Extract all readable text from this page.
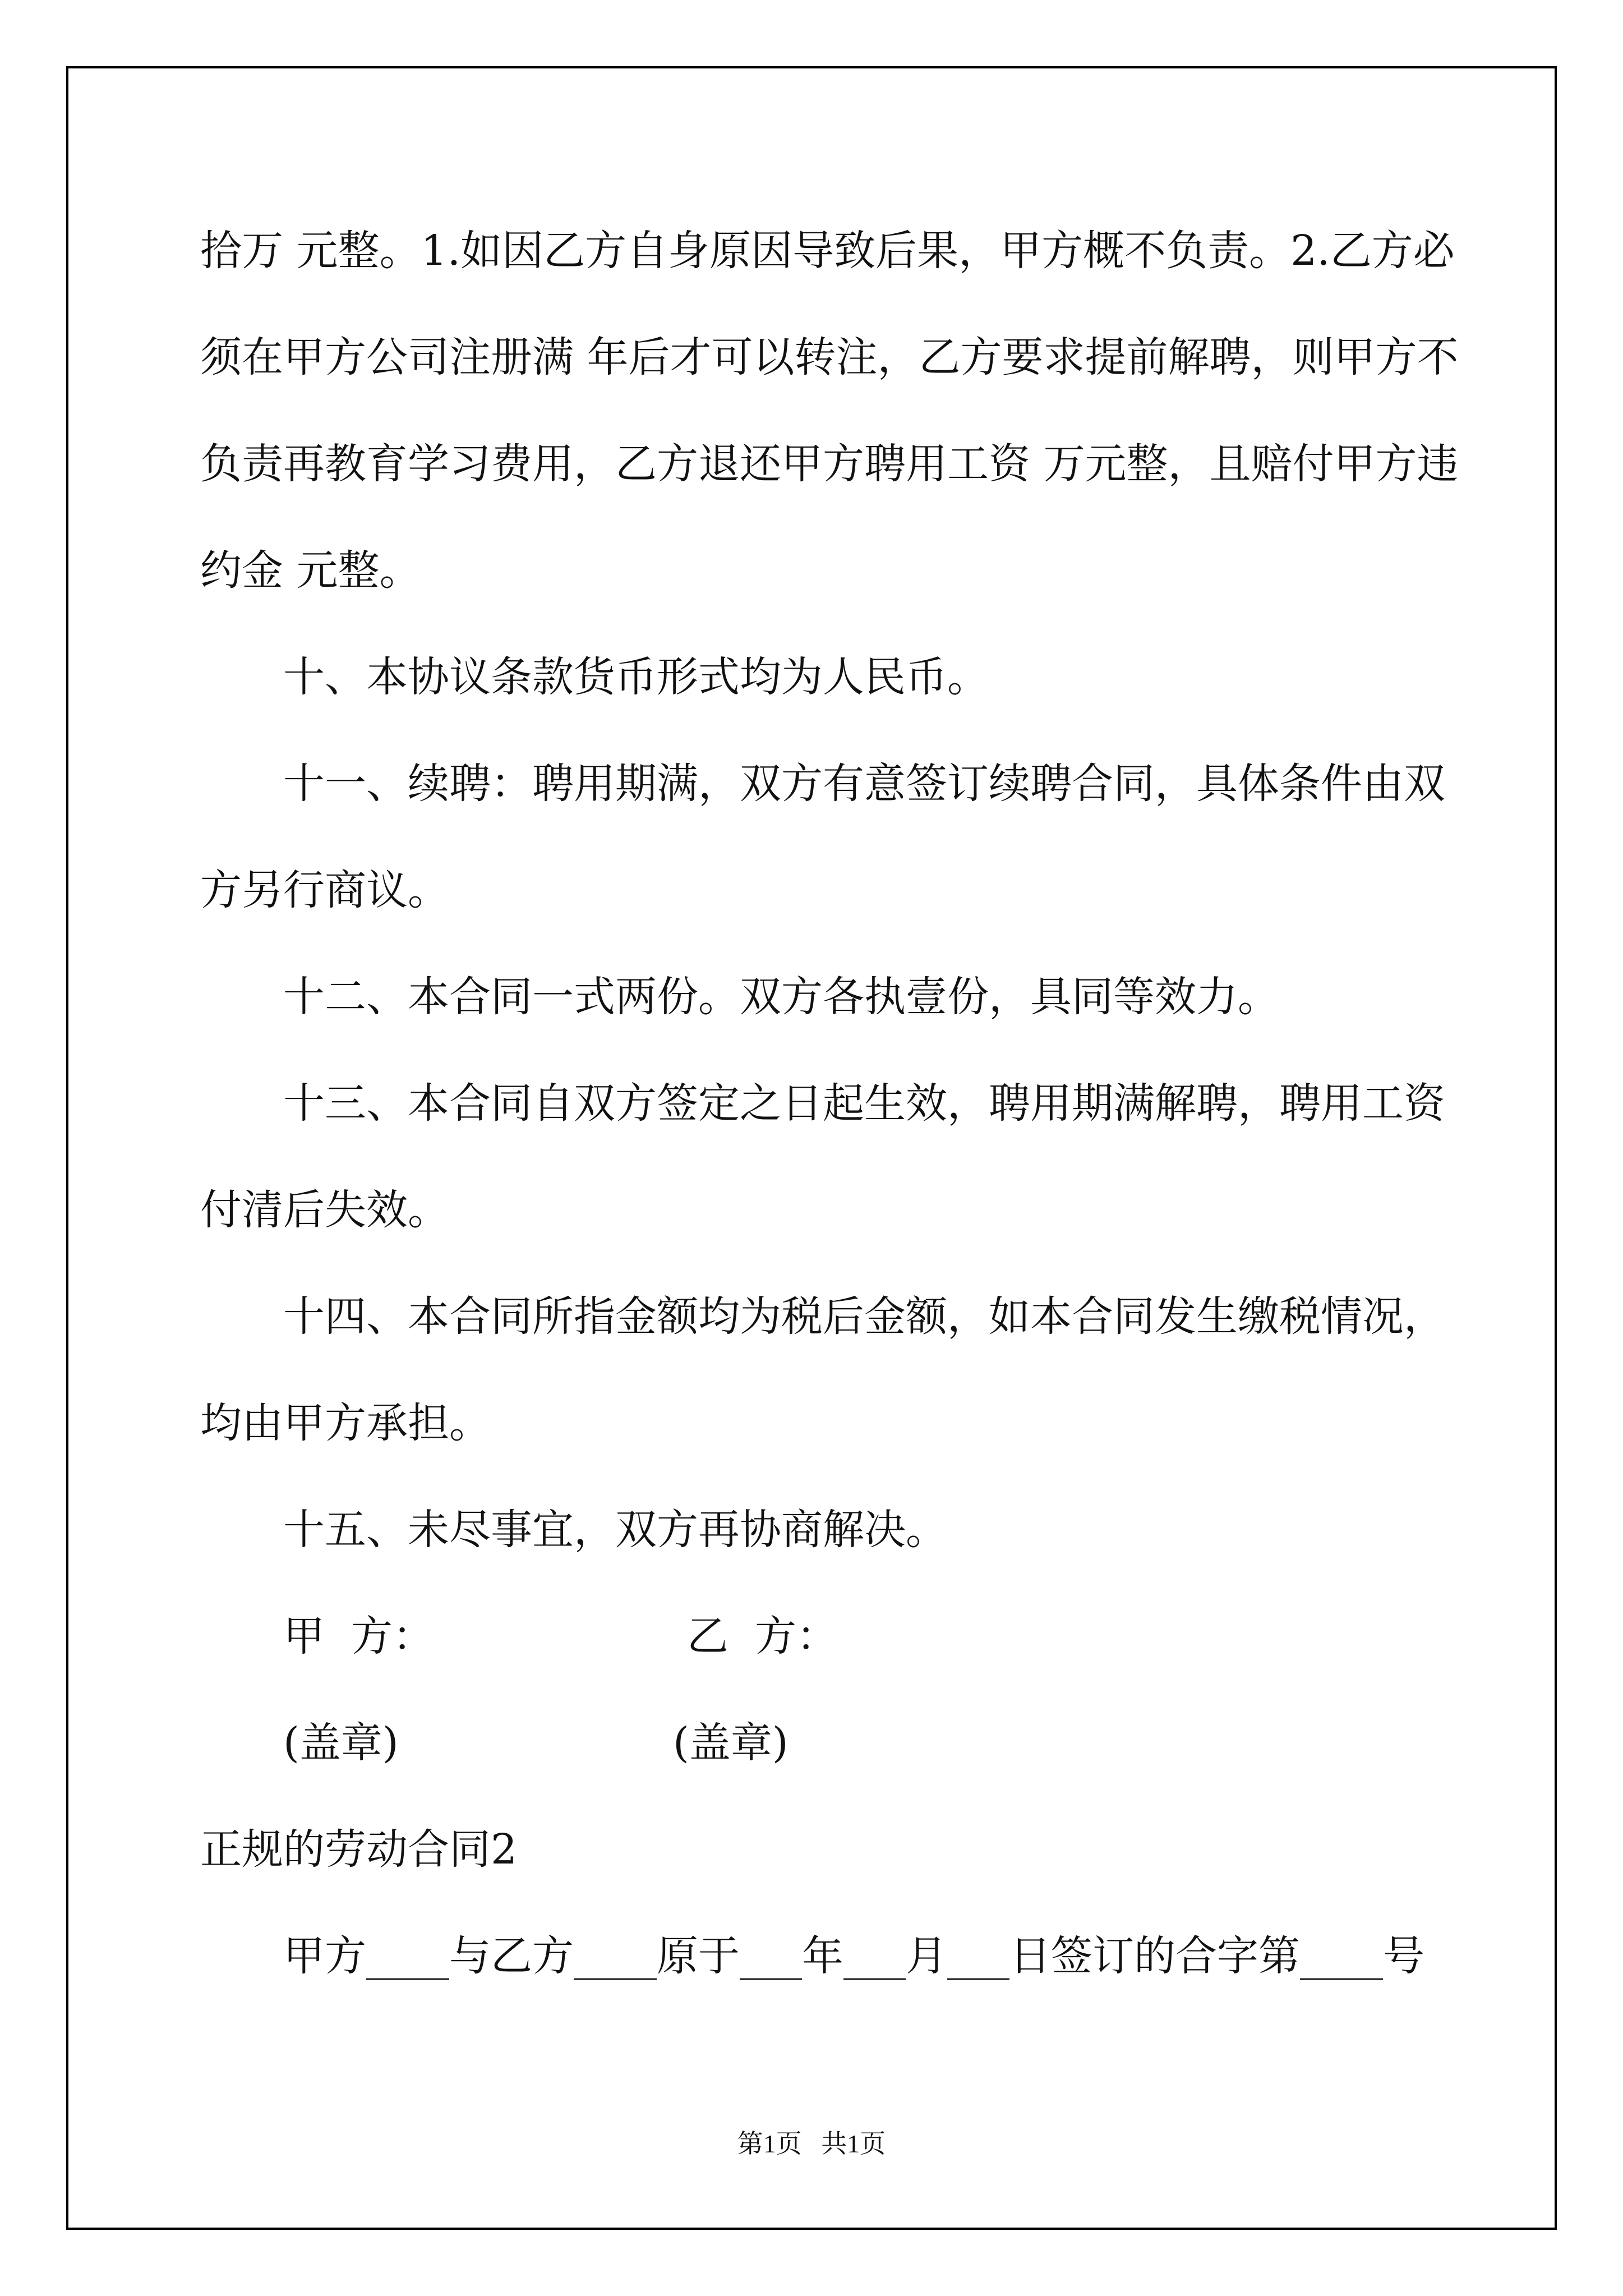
拾万 元整。1.如因乙方自身原因导致后果，甲方概不负责。2.乙方必
须在甲方公司注册满 年后才可以转注，乙方要求提前解聘，则甲方不
负责再教育学习费用，乙方退还甲方聘用工资 万元整，且赔付甲方违
约金 元整。
十、本协议条款货币形式均为人民币。
十一、续聘：聘用期满，双方有意签订续聘合同，具体条件由双
方另行商议。
十二、本合同一式两份。双方各执壹份，具同等效力。
十三、本合同自双方签定之日起生效，聘用期满解聘，聘用工资
付清后失效。
十四、本合同所指金额均为税后金额，如本合同发生缴税情况，
均由甲方承担。
十五、未尽事宜，双方再协商解决。
甲  方：	乙  方：
(盖章)	(盖章)
正规的劳动合同2
甲方____与乙方____原于___年___月___日签订的合字第____号
第1页   共1页
